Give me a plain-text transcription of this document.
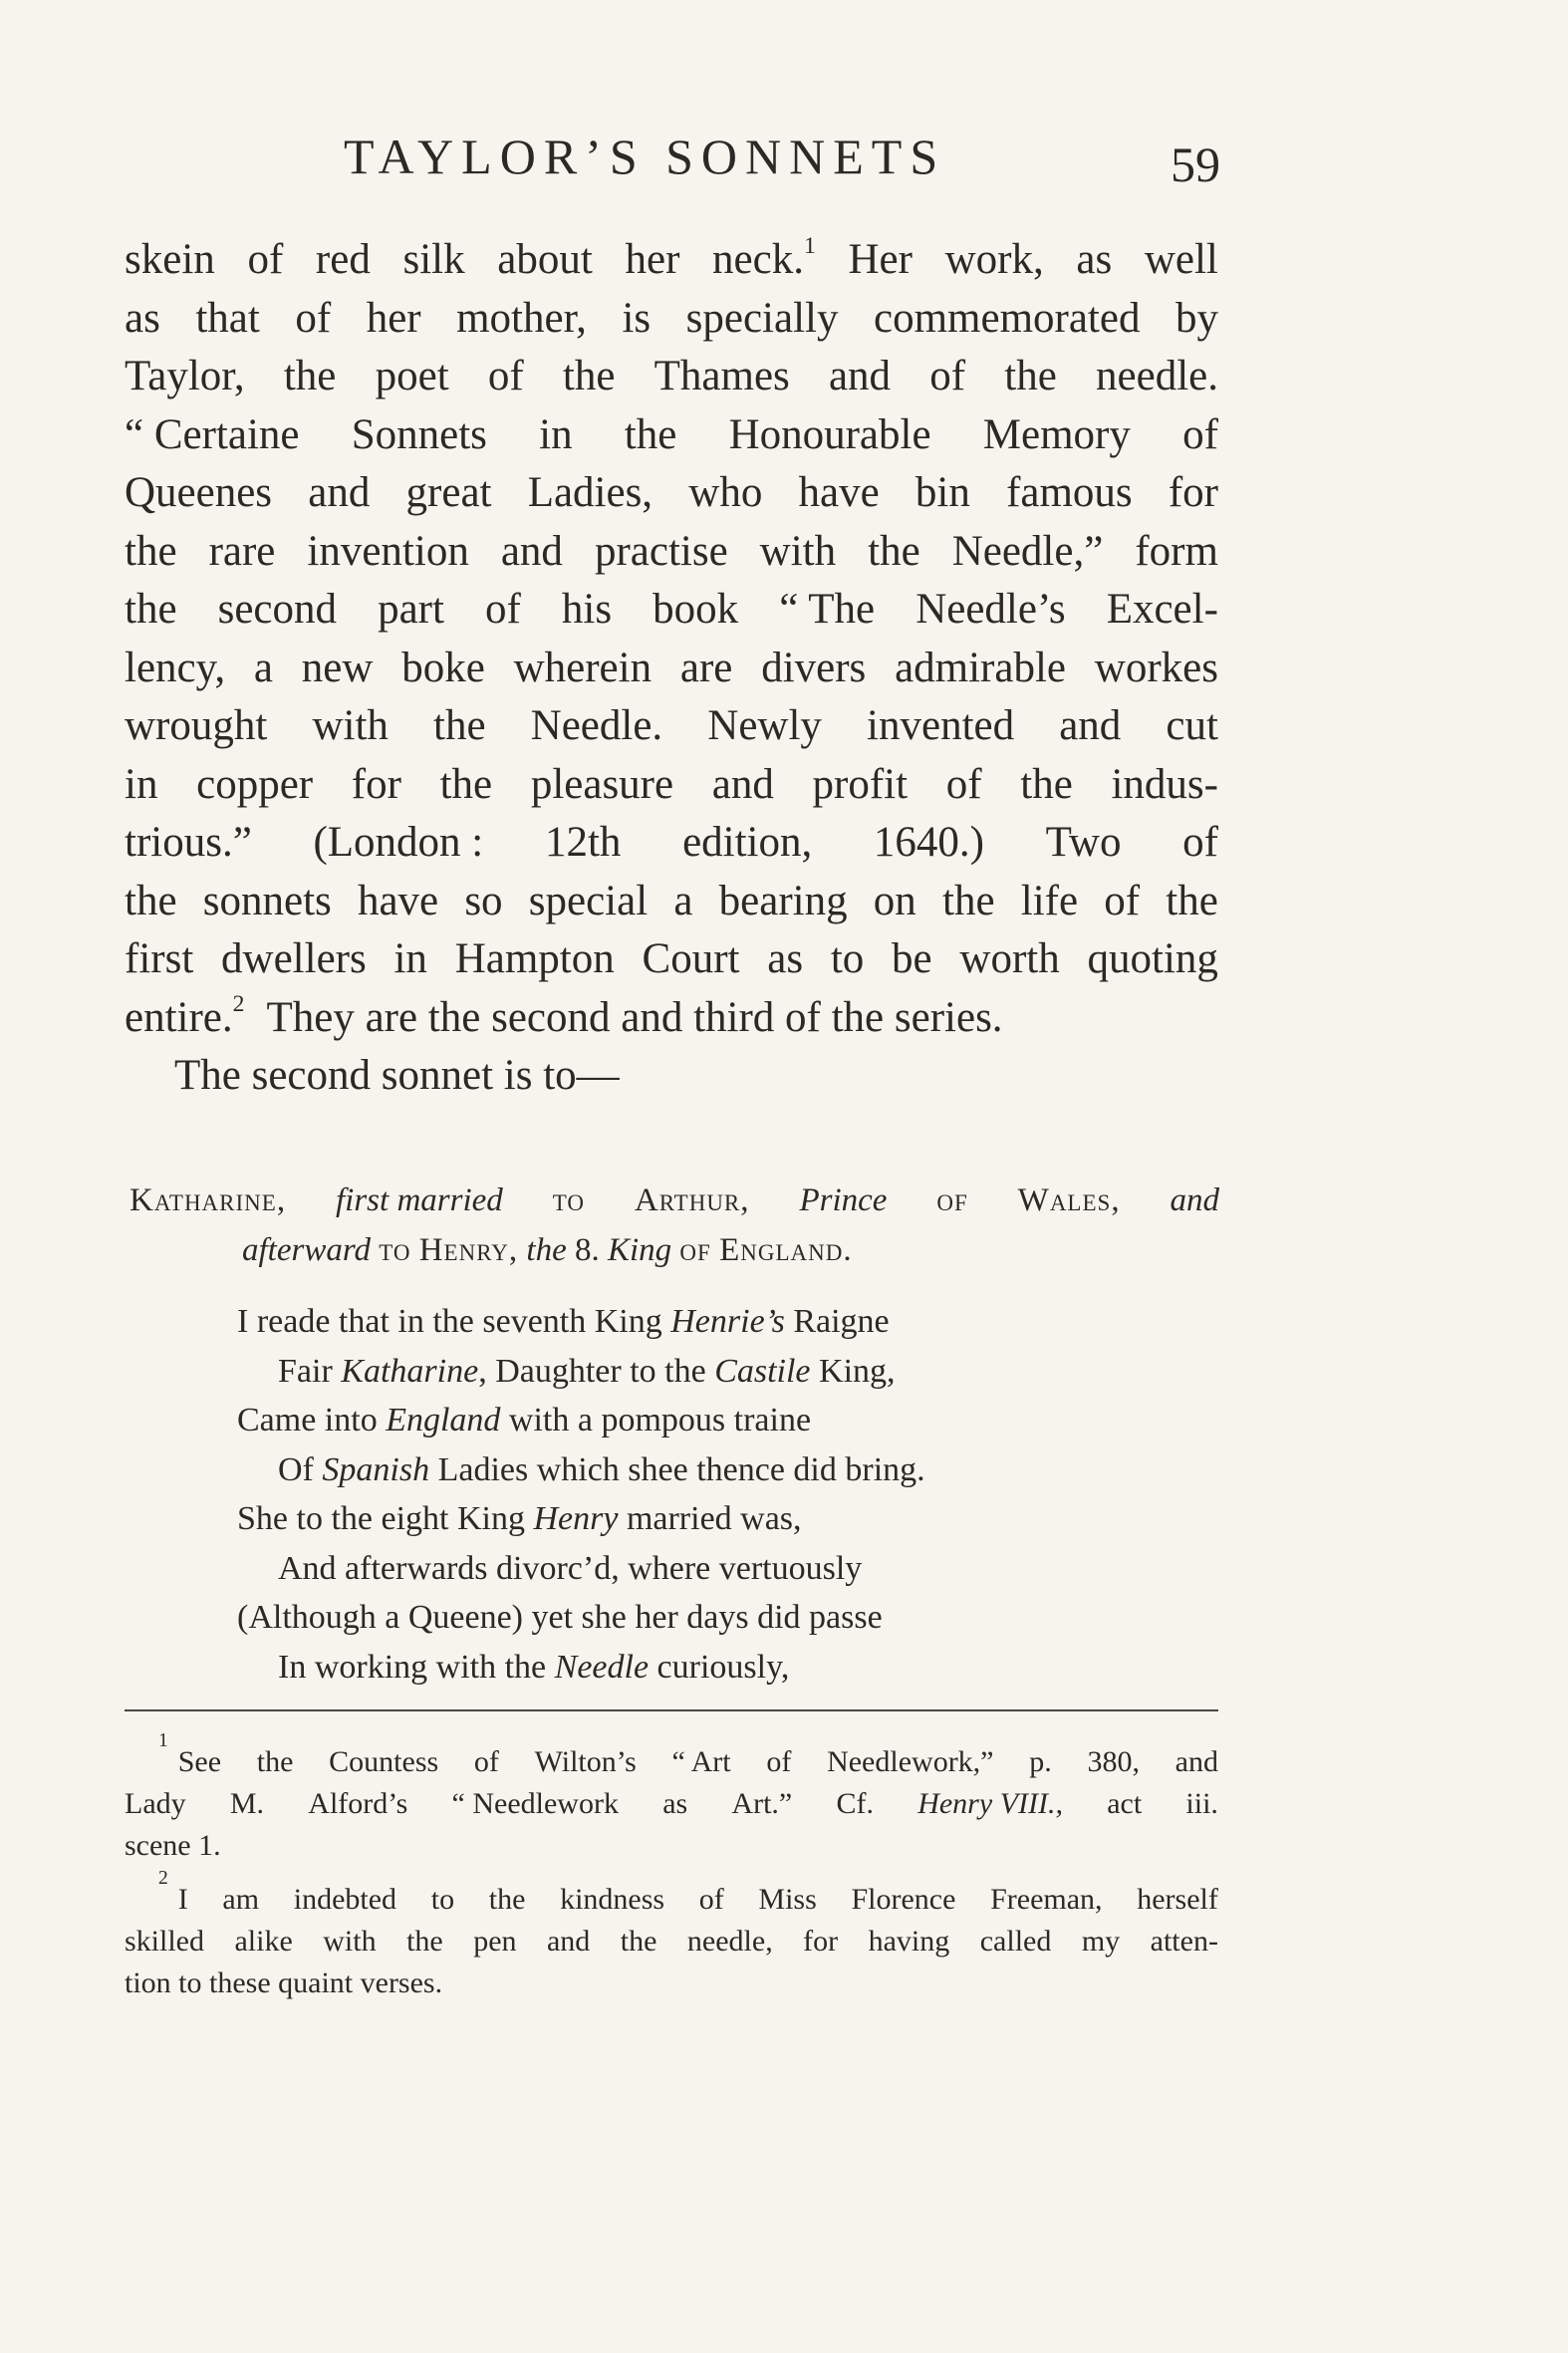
TAYLOR’S SONNETS	59
skein of red silk about her neck.$^1$ Her work, as well
as that of her mother, is specially commemorated by
Taylor, the poet of the Thames and of the needle.
“ Certaine Sonnets in the Honourable Memory of
Queenes and great Ladies, who have bin famous for
the rare invention and practise with the Needle,” form
the second part of his book “ The Needle’s Excel-
lency, a new boke wherein are divers admirable workes
wrought with the Needle. Newly invented and cut
in copper for the pleasure and profit of the indus-
trious.” (London : 12th edition, 1640.) Two of
the sonnets have so special a bearing on the life of the
first dwellers in Hampton Court as to be worth quoting
entire.$^2$ They are the second and third of the series.
The second sonnet is to—
Katharine, first married to Arthur, Prince of Wales, and
afterward to Henry, the 8. King of England.
I reade that in the seventh King Henrie’s Raigne
Fair Katharine, Daughter to the Castile King,
Came into England with a pompous traine
Of Spanish Ladies which shee thence did bring.
She to the eight King Henry married was,
And afterwards divorc’d, where vertuously
(Although a Queene) yet she her days did passe
In working with the Needle curiously,
1
See the Countess of Wilton’s “ Art of Needlework,” p. 380, and
Lady M. Alford’s “ Needlework as Art.” Cf. Henry VIII., act iii.
scene 1.
2
I am indebted to the kindness of Miss Florence Freeman, herself
skilled alike with the pen and the needle, for having called my atten-
tion to these quaint verses.
